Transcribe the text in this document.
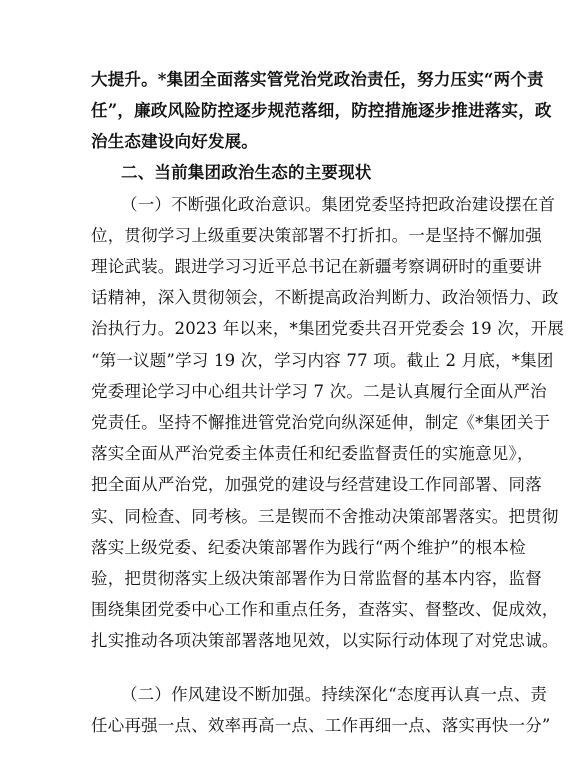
大提升。*集团全面落实管党治党政治责任，努力压实“两个责
任”，廉政风险防控逐步规范落细，防控措施逐步推进落实，政
治生态建设向好发展。
二、当前集团政治生态的主要现状
（一）不断强化政治意识。集团党委坚持把政治建设摆在首
位，贯彻学习上级重要决策部署不打折扣。一是坚持不懈加强
理论武装。跟进学习习近平总书记在新疆考察调研时的重要讲
话精神，深入贯彻领会，不断提高政治判断力、政治领悟力、政
治执行力。2023 年以来，*集团党委共召开党委会 19 次，开展
“第一议题”学习 19 次，学习内容 77 项。截止 2 月底，*集团
党委理论学习中心组共计学习 7 次。二是认真履行全面从严治
党责任。坚持不懈推进管党治党向纵深延伸，制定《*集团关于
落实全面从严治党委主体责任和纪委监督责任的实施意见》，
把全面从严治党，加强党的建设与经营建设工作同部署、同落
实、同检查、同考核。三是锲而不舍推动决策部署落实。把贯彻
落实上级党委、纪委决策部署作为践行“两个维护”的根本检
验，把贯彻落实上级决策部署作为日常监督的基本内容，监督
围绕集团党委中心工作和重点任务，查落实、督整改、促成效，
扎实推动各项决策部署落地见效，以实际行动体现了对党忠诚。
（二）作风建设不断加强。持续深化“态度再认真一点、责
任心再强一点、效率再高一点、工作再细一点、落实再快一分”
